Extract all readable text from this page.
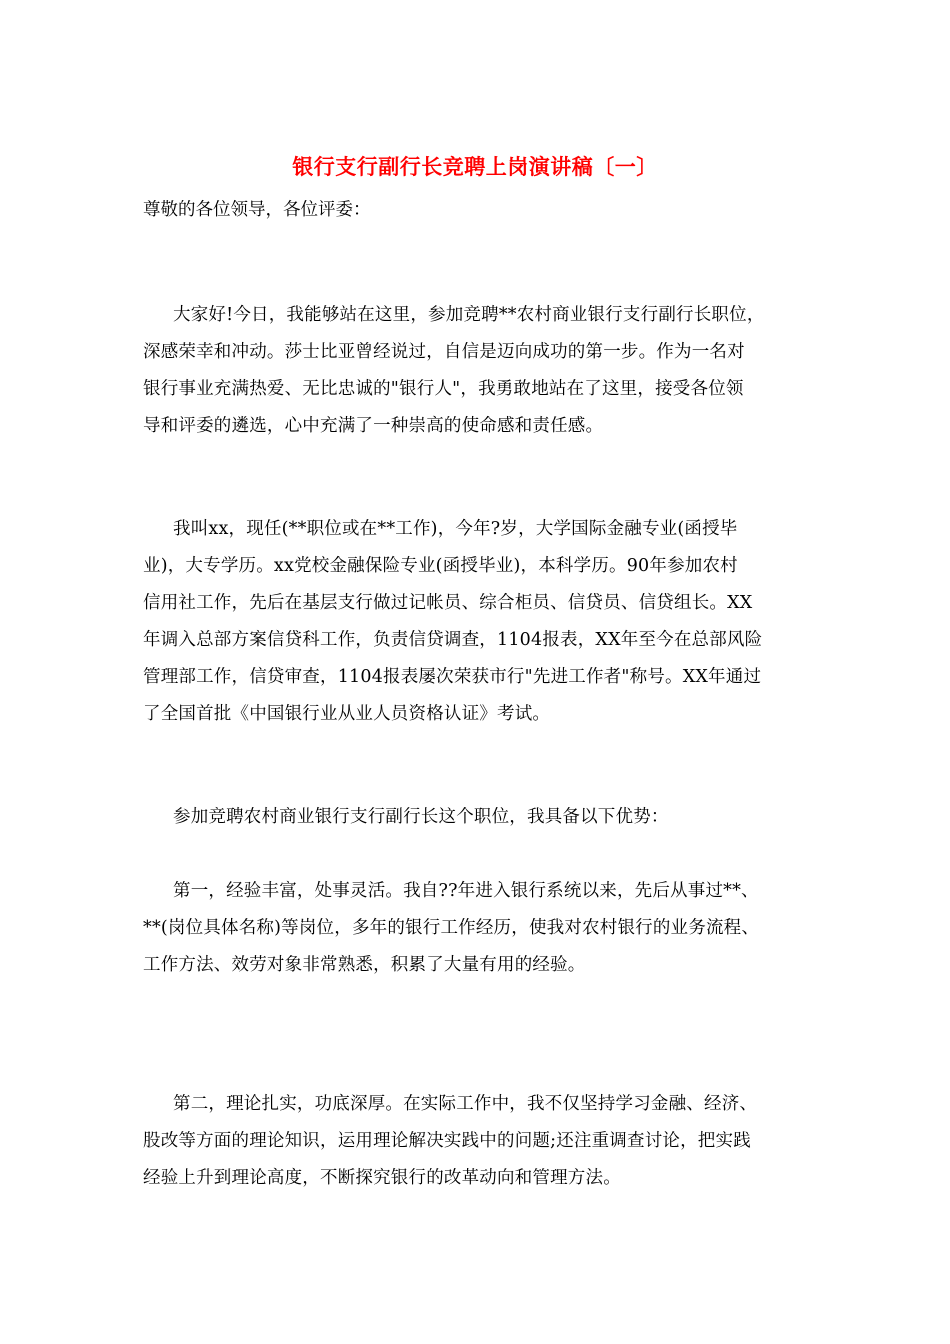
银行支行副行长竞聘上岗演讲稿〔一〕
尊敬的各位领导，各位评委：
大家好!今日，我能够站在这里，参加竞聘**农村商业银行支行副行长职位，
深感荣幸和冲动。莎士比亚曾经说过，自信是迈向成功的第一步。作为一名对
银行事业充满热爱、无比忠诚的"银行人"，我勇敢地站在了这里，接受各位领
导和评委的遴选，心中充满了一种崇高的使命感和责任感。
我叫xx，现任(**职位或在**工作)，今年?岁，大学国际金融专业(函授毕
业)，大专学历。xx党校金融保险专业(函授毕业)，本科学历。90年参加农村
信用社工作，先后在基层支行做过记帐员、综合柜员、信贷员、信贷组长。XX
年调入总部方案信贷科工作，负责信贷调查，1104报表，XX年至今在总部风险
管理部工作，信贷审查，1104报表屡次荣获市行"先进工作者"称号。XX年通过
了全国首批《中国银行业从业人员资格认证》考试。
参加竞聘农村商业银行支行副行长这个职位，我具备以下优势：
第一，经验丰富，处事灵活。我自??年进入银行系统以来，先后从事过**、
**(岗位具体名称)等岗位，多年的银行工作经历，使我对农村银行的业务流程、
工作方法、效劳对象非常熟悉，积累了大量有用的经验。
第二，理论扎实，功底深厚。在实际工作中，我不仅坚持学习金融、经济、
股改等方面的理论知识，运用理论解决实践中的问题;还注重调查讨论，把实践
经验上升到理论高度，不断探究银行的改革动向和管理方法。
